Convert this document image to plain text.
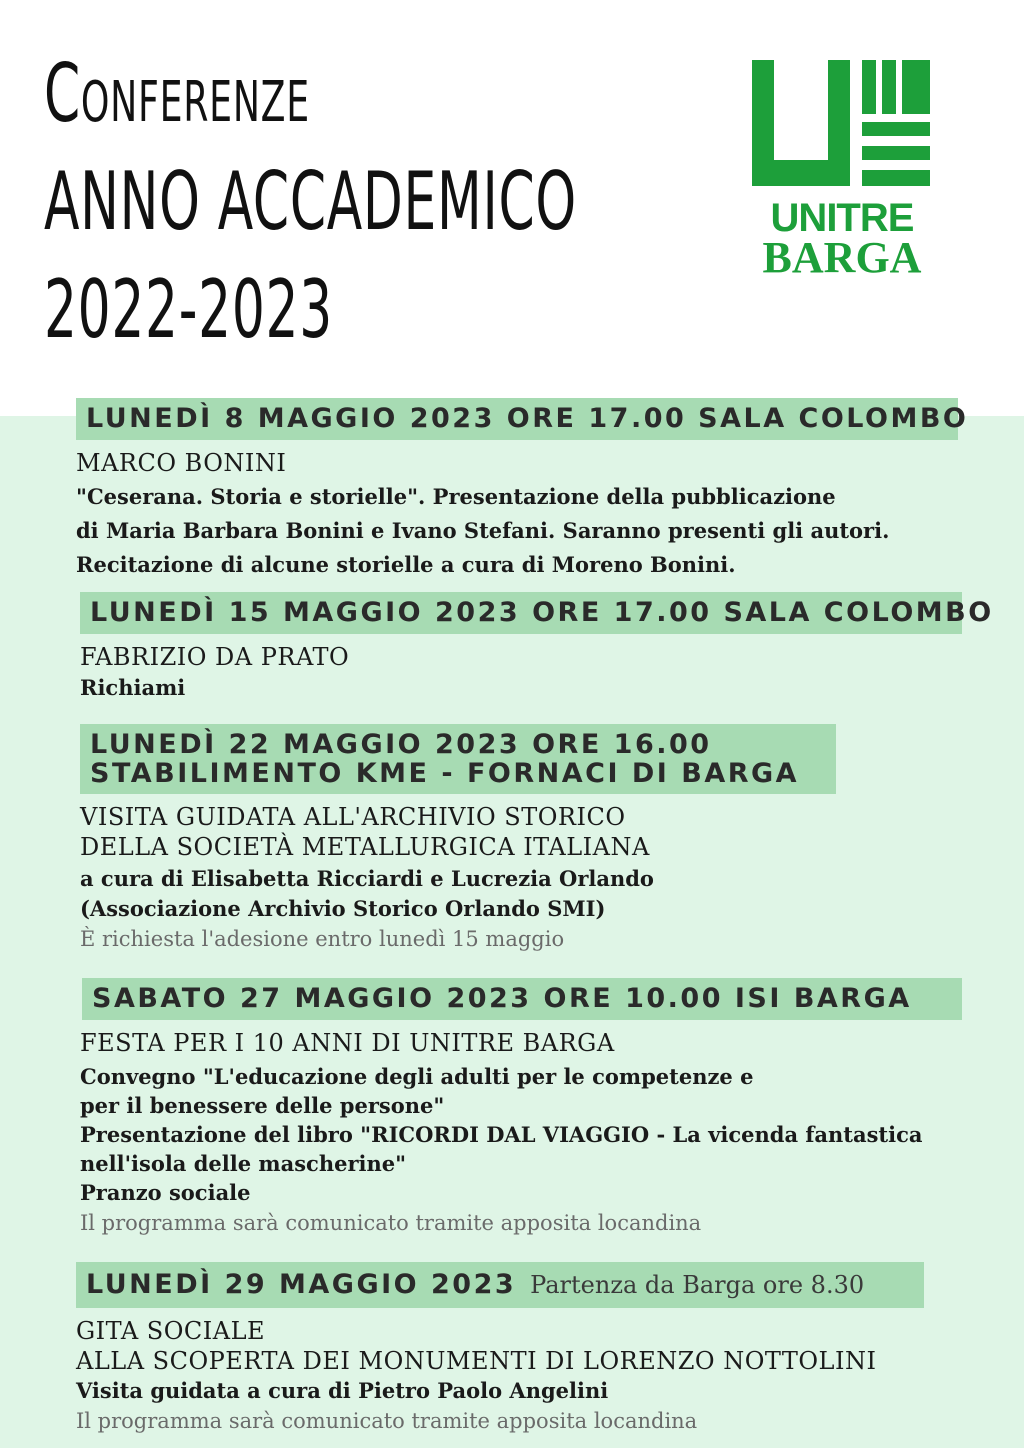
Conferenze
ANNO ACCADEMICO
2022-2023
UNITRE
BARGA
LUNEDÌ 8 MAGGIO 2023 ORE 17.00 SALA COLOMBO
MARCO BONINI
"Ceserana. Storia e storielle". Presentazione della pubblicazione
di Maria Barbara Bonini e Ivano Stefani. Saranno presenti gli autori.
Recitazione di alcune storielle a cura di Moreno Bonini.
LUNEDÌ 15 MAGGIO 2023 ORE 17.00 SALA COLOMBO
FABRIZIO DA PRATO
Richiami
LUNEDÌ 22 MAGGIO 2023 ORE 16.00
STABILIMENTO KME - FORNACI DI BARGA
VISITA GUIDATA ALL'ARCHIVIO STORICO
DELLA SOCIETÀ METALLURGICA ITALIANA
a cura di Elisabetta Ricciardi e Lucrezia Orlando
(Associazione Archivio Storico Orlando SMI)
È richiesta l'adesione entro lunedì 15 maggio
SABATO 27 MAGGIO 2023 ORE 10.00 ISI BARGA
FESTA PER I 10 ANNI DI UNITRE BARGA
Convegno "L'educazione degli adulti per le competenze e
per il benessere delle persone"
Presentazione del libro "RICORDI DAL VIAGGIO - La vicenda fantastica
nell'isola delle mascherine"
Pranzo sociale
Il programma sarà comunicato tramite apposita locandina
LUNEDÌ 29 MAGGIO 2023 Partenza da Barga ore 8.30
GITA SOCIALE
ALLA SCOPERTA DEI MONUMENTI DI LORENZO NOTTOLINI
Visita guidata a cura di Pietro Paolo Angelini
Il programma sarà comunicato tramite apposita locandina
